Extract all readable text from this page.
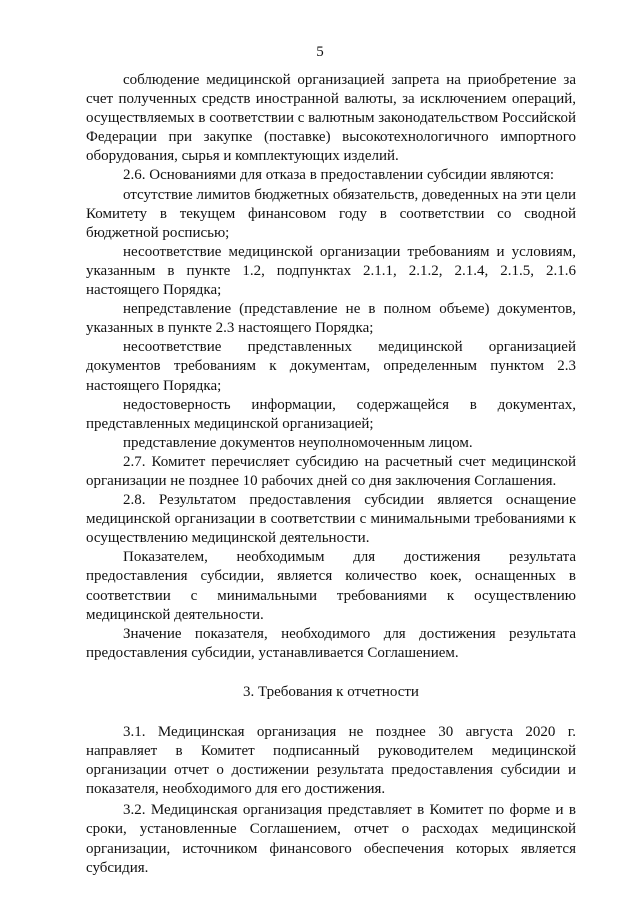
5

соблюдение медицинской организацией запрета на приобретение за счет полученных средств иностранной валюты, за исключением операций, осуществляемых в соответствии с валютным законодательством Российской Федерации при закупке (поставке) высокотехнологичного импортного оборудования, сырья и комплектующих изделий.

2.6. Основаниями для отказа в предоставлении субсидии являются:

отсутствие лимитов бюджетных обязательств, доведенных на эти цели Комитету в текущем финансовом году в соответствии со сводной бюджетной росписью;

несоответствие медицинской организации требованиям и условиям, указанным в пункте 1.2, подпунктах 2.1.1, 2.1.2, 2.1.4, 2.1.5, 2.1.6 настоящего Порядка;

непредставление (представление не в полном объеме) документов, указанных в пункте 2.3 настоящего Порядка;

несоответствие представленных медицинской организацией документов требованиям к документам, определенным пунктом 2.3 настоящего Порядка;

недостоверность информации, содержащейся в документах, представленных медицинской организацией;

представление документов неуполномоченным лицом.

2.7. Комитет перечисляет субсидию на расчетный счет медицинской организации не позднее 10 рабочих дней со дня заключения Соглашения.

2.8. Результатом предоставления субсидии является оснащение медицинской организации в соответствии с минимальными требованиями к осуществлению медицинской деятельности.

Показателем, необходимым для достижения результата предоставления субсидии, является количество коек, оснащенных в соответствии с минимальными требованиями к осуществлению медицинской деятельности.

Значение показателя, необходимого для достижения результата предоставления субсидии, устанавливается Соглашением.

3. Требования к отчетности

3.1. Медицинская организация не позднее 30 августа 2020 г. направляет в Комитет подписанный руководителем медицинской организации отчет о достижении результата предоставления субсидии и показателя, необходимого для его достижения.

3.2. Медицинская организация представляет в Комитет по форме и в сроки, установленные Соглашением, отчет о расходах медицинской организации, источником финансового обеспечения которых является субсидия.
